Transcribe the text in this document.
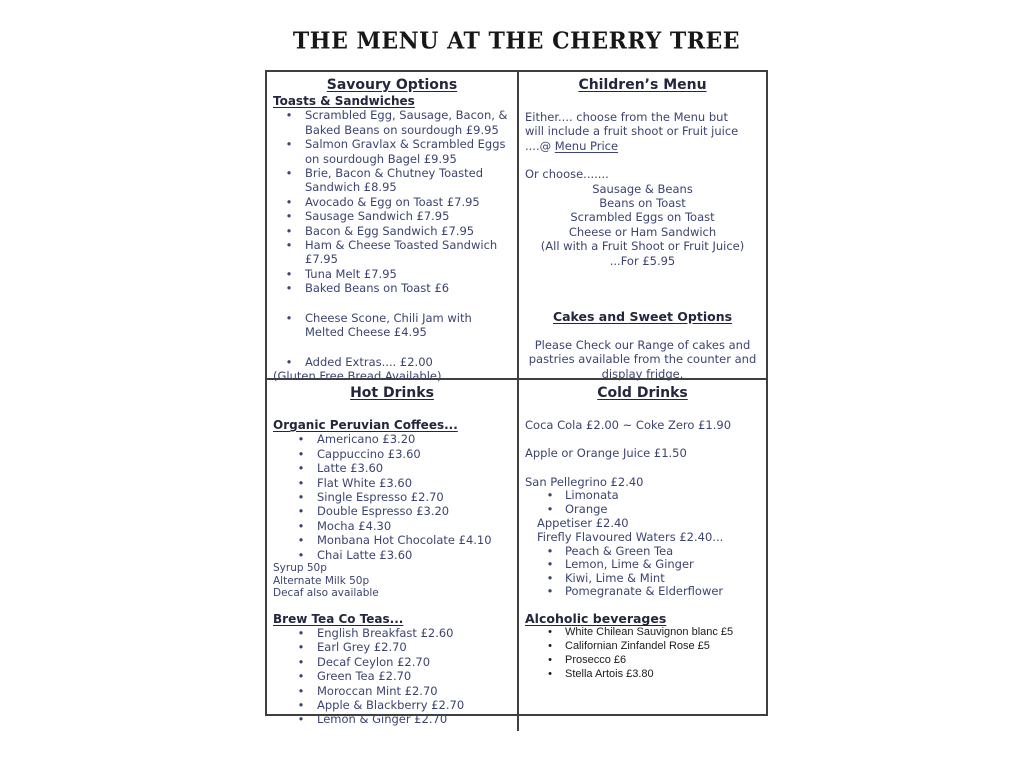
THE MENU AT THE CHERRY TREE
Savoury Options
Toasts & Sandwiches
• Scrambled Egg, Sausage, Bacon, & Baked Beans on sourdough £9.95
• Salmon Gravlax & Scrambled Eggs on sourdough Bagel £9.95
• Brie, Bacon & Chutney Toasted Sandwich £8.95
• Avocado & Egg on Toast £7.95
• Sausage Sandwich £7.95
• Bacon & Egg Sandwich £7.95
• Ham & Cheese Toasted Sandwich £7.95
• Tuna Melt £7.95
• Baked Beans on Toast £6
• Cheese Scone, Chili Jam with Melted Cheese £4.95
• Added Extras.... £2.00
(Gluten Free Bread Available)
Children’s Menu
Either.... choose from the Menu but
will include a fruit shoot or Fruit juice
....@ Menu Price
Or choose.......
Sausage & Beans
Beans on Toast
Scrambled Eggs on Toast
Cheese or Ham Sandwich
(All with a Fruit Shoot or Fruit Juice)
...For £5.95
Cakes and Sweet Options
Please Check our Range of cakes and pastries available from the counter and display fridge.
Hot Drinks
Organic Peruvian Coffees...
• Americano £3.20
• Cappuccino £3.60
• Latte £3.60
• Flat White £3.60
• Single Espresso £2.70
• Double Espresso £3.20
• Mocha £4.30
• Monbana Hot Chocolate £4.10
• Chai Latte £3.60
Syrup 50p
Alternate Milk 50p
Decaf also available
Brew Tea Co Teas...
• English Breakfast £2.60
• Earl Grey £2.70
• Decaf Ceylon £2.70
• Green Tea £2.70
• Moroccan Mint £2.70
• Apple & Blackberry £2.70
• Lemon & Ginger £2.70
Cold Drinks
Coca Cola £2.00 ~ Coke Zero £1.90
Apple or Orange Juice £1.50
San Pellegrino £2.40
• Limonata
• Orange
Appetiser £2.40
Firefly Flavoured Waters £2.40...
• Peach & Green Tea
• Lemon, Lime & Ginger
• Kiwi, Lime & Mint
• Pomegranate & Elderflower
Alcoholic beverages
• White Chilean Sauvignon blanc £5
• Californian Zinfandel Rose £5
• Prosecco £6
• Stella Artois £3.80
